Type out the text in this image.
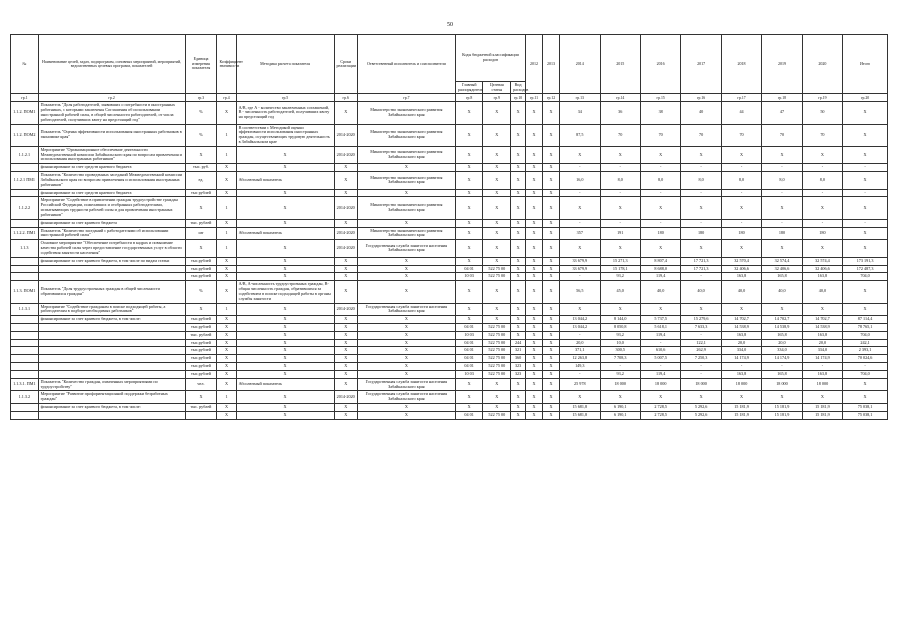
50
№	Наименование целей, задач, подпрограмм, основных мероприятий, мероприятий, ведомственных целевых программ, показателей	Единица измерения показателя	Коэффициент значимости	Методика расчета показателя	Сроки реализации	Ответственный исполнитель и соисполнители	Коды бюджетной классификации расходов			2012	2013	2014	2015	2016	2017	2018	2019	2020	Итого
							Главный распорядитель	Целевая статья	Вид расходов										
гр.1	гр.2	гр.3	гр.4	гр.5	гр.6	гр.7	гр.8	гр.9	гр.10	гр.11	гр.12	гр.13	гр.14	гр.15	гр.16	гр.17	гр.18	гр.19	гр.20
1.1.2. ПОМ1	Показатель "Доля работодателей, заявивших о потребности в иностранных работниках, с которыми заключены Соглашения об использовании иностранной рабочей силы, в общей численности работодателей, от числа работодателей, получивших квоту на предстоящий год"	%	Х	А/В, где А - количество заключенных соглашений, В - численность работодателей, получивших квоту на предстоящий год	Х	Министерство экономического развития Забайкальского края	Х	Х	Х	Х	Х	34	36	38	40	44	47	50	Х
1.1.2. ПОМ2	Показатель "Оценка эффективности использования иностранных работников в экономике края"	%	1	В соответствии с Методикой оценки эффективности использования иностранных граждан, осуществляющих трудовую деятельность в Забайкальском крае	2014-2020	Министерство экономического развития Забайкальского края	Х	Х	Х	Х	Х	87,5	70	70	70	70	70	70	Х
1.1.2.1	Мероприятие "Организационное обеспечение деятельности Межведомственной комиссии Забайкальского края по вопросам привлечения и использования иностранных работников"	Х	1	Х	2014-2020	Министерство экономического развития Забайкальского края	Х	Х	Х	Х	Х	Х	Х	Х	Х	Х	Х	Х	Х
	финансирование за счет средств краевого бюджета	тыс. руб.	Х	Х	Х	Х	Х	Х	Х	Х	Х	-	-	-	-	-	-	-	-
1.1.2.1 ПМ1	Показатель "Количество проведенных заседаний Межведомственной комиссии Забайкальского края по вопросам привлечения и использования иностранных работников"	ед.	Х	Абсолютный показатель	Х	Министерство экономического развития Забайкальского края	Х	Х	Х	Х	Х	16,0	8,0	8,0	8,0	8,0	8,0	8,0	Х
	финансирование за счет средств краевого бюджета	тыс рублей	Х	Х	Х	Х	Х	Х	Х	Х	Х	-	-	-	-	-	-	-	-
1.1.2.2	Мероприятие "Содействие в привлечении граждан трудоустройстве граждан Российской Федерации, пожелавших и отобранных работодателями, испытывающих трудности рабочей силы и для привлечения иностранных работников"	Х	1	Х	2014-2020	Министерство экономического развития Забайкальского края	Х	Х	Х	Х	Х	Х	Х	Х	Х	Х	Х	Х	Х
	финансирование за счет краевого бюджета	тыс. рублей	Х	Х	Х	Х	Х	Х	Х	Х	Х	-	-	-	-	-	-	-	-
1.1.2.2. ПМ1	Показатель "Количество заседаний с работодателями об использовании иностранной рабочей силы"	шт	1	Абсолютный показатель	2014-2020	Министерство экономического развития Забайкальского края	Х	Х	Х	Х	Х	357	191	180	180	180	180	180	Х
1.1.3	Основное мероприятие "Обеспечение потребности в кадрах и повышение качества рабочей силы через предоставление государственных услуг в области содействия занятости населения"	Х	1	Х	2014-2020	Государственная служба занятости населения Забайкальского края	Х	Х	Х	Х	Х	Х	Х	Х	Х	Х	Х	Х	Х
	финансирование за счет краевого бюджета, в том числе по видам статьи	тыс.рублей	Х	Х	Х	Х	Х	Х	Х	Х	Х	33 679,9	15 271,3	8 807,4	17 721,3	32 570,4	32 574,4	32 574,4	173 191,3
		тыс.рублей	Х	Х	Х	Х	04 01	522 75 00	Х	Х	Х	33 679,9	15 178,1	8 688,0	17 721,3	32 406,6	32 406,6	32 406,6	172 487,3
		тыс.рублей	Х	Х	Х	Х	10 03	522 75 00	Х	Х	Х	-	93,2	119,4	-	163,8	165,8	163,8	704,0
1.1.3. ПОМ1	Показатель "Доля трудоустроенных граждан в общей численности обратившихся граждан"	%	Х	А/В, А-численность трудоустроенных граждан, В-общая численность граждан, обратившихся за содействием в поиске подходящей работы в органы службы занятости	Х	Х	Х	Х	Х	Х	Х	56,5	45,0	40,0	40,0	40,0	40,0	40,0	Х
1.1.3.1	Мероприятие "Содействие гражданам в поиске подходящей работы, а работодателям в подборе необходимых работников"	Х	1	Х	2014-2020	Государственная служба занятости населения Забайкальского края	Х	Х	Х	Х	Х	Х	Х	Х	Х	Х	Х	Х	Х
	финансирование за счет краевого бюджета, в том числе:	тыс.рублей	Х	Х	Х	Х	Х	Х	Х	Х	Х	13 044,2	8 144,0	5 737,5	15 279,6	14 702,7	14 702,7	14 702,7	87 114,4
		тыс.рублей	Х	Х	Х	Х	04 01	522 75 00	Х	Х	Х	13 044,2	8 050,8	5 618,1	7 633,3	14 538,9	14 538,9	14 538,9	78 765,1
		тыс. рублей	Х	Х	Х	Х	10 03	522 75 00	Х	Х	Х	-	93,2	119,4	-	163,8	165,8	163,8	704,0
		тыс.рублей	Х	Х	Х	Х	04 01	522 75 00	244	Х	Х	20,0	10,0	-	122,1	20,0	20,0	20,0	242,1
		тыс.рублей	Х	Х	Х	Х	04 01	522 75 00	321	Х	Х	371,1	300,5	610,6	262,9	334,0	334,0	334,0	2 393,1
		тыс.рублей	Х	Х	Х	Х	04 01	522 75 00	360	Х	Х	12 263,8	7 708,3	5 007,5	7 250,3	14 174,9	14 174,9	14 174,9	70 024,6
		тыс.рублей	Х	Х	Х	Х	04 01	522 75 00	323	Х	Х	149,3	-	-	-	-	-	-	-
		тыс.рублей	Х	Х	Х	Х	10 03	522 75 00	323	Х	Х	-	93,2	119,4	-	163,8	165,8	163,8	704,0
1.1.3.1. ПМ1	Показатель "Количество граждан, охваченных мероприятиями по трудоустройству"	чел.	Х	Абсолютный показатель	Х	Государственная служба занятости населения Забайкальского края	Х	Х	Х	Х	Х	25 978	18 000	18 000	18 000	18 000	18 000	18 000	Х
1.1.3.2	Мероприятие "Развитие профориентационной поддержки безработных граждан"	Х	1	Х	2014-2020	Государственная служба занятости населения Забайкальского края	Х	Х	Х	Х	Х	Х	Х	Х	Х	Х	Х	Х	Х
	финансирование за счет краевого бюджета, в том числе:	тыс. рублей	Х	Х	Х	Х	Х	Х	Х	Х	Х	15 681,8	6 190,1	2 728,5	5 292,6	15 181,9	15 181,9	15 181,9	75 038,1
			Х	Х	Х	Х	04 01	522 75 00	Х	Х	Х	15 681,8	6 190,1	2 728,5	5 292,6	15 181,9	15 181,9	15 181,9	75 038,1
